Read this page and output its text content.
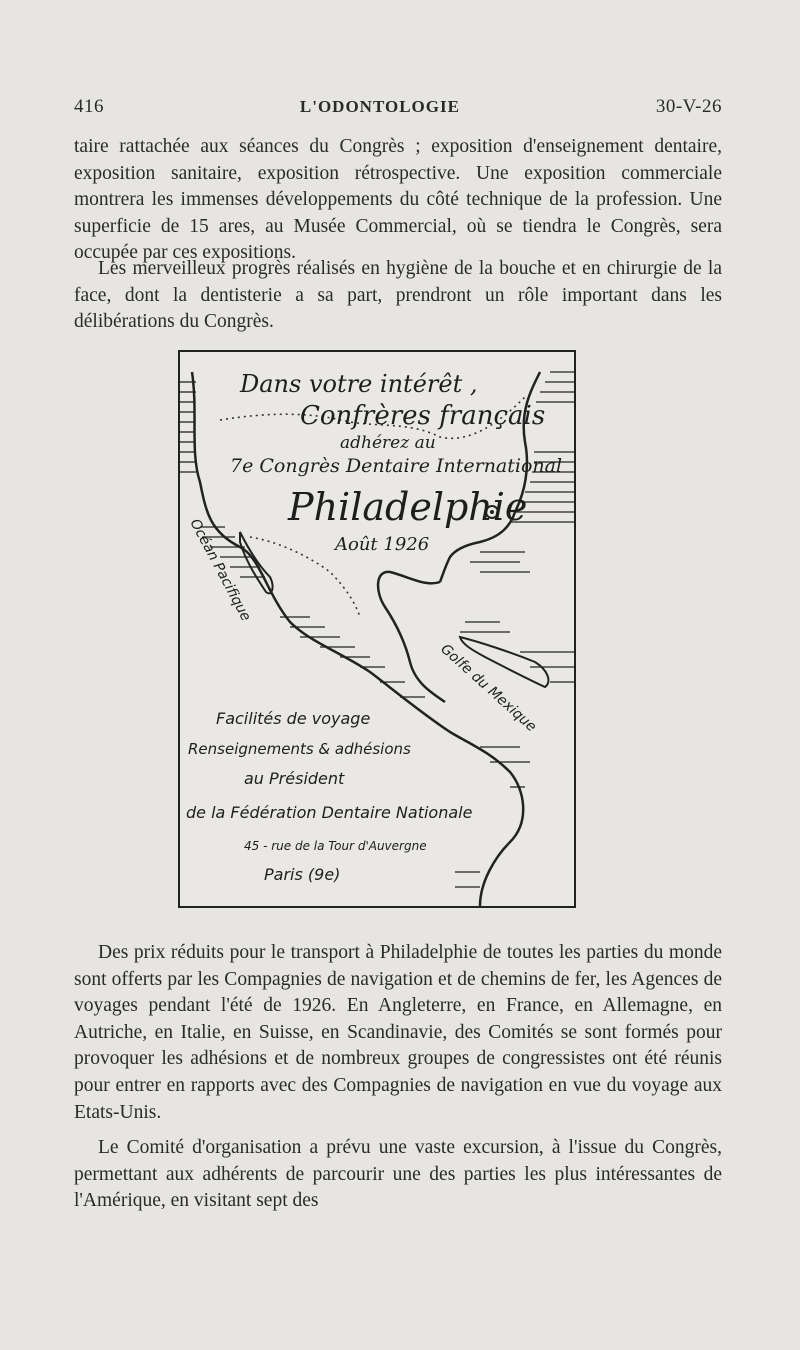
416	L'ODONTOLOGIE	30-V-26

taire rattachée aux séances du Congrès ; exposition d'enseignement dentaire, exposition sanitaire, exposition rétrospective. Une exposition commerciale montrera les immenses développements du côté technique de la profession. Une superficie de 15 ares, au Musée Commercial, où se tiendra le Congrès, sera occupée par ces expositions.

Les merveilleux progrès réalisés en hygiène de la bouche et en chirurgie de la face, dont la dentisterie a sa part, prendront un rôle important dans les délibérations du Congrès.

Dans votre intérêt ,
Confrères français
adhérez au
7e Congrès Dentaire International
Philadelphie
Août 1926
Océan Pacifique
Golfe du Mexique
Facilités de voyage
Renseignements & adhésions
au Président
de la Fédération Dentaire Nationale
45 - rue de la Tour d'Auvergne
Paris (9e)

Des prix réduits pour le transport à Philadelphie de toutes les parties du monde sont offerts par les Compagnies de navigation et de chemins de fer, les Agences de voyages pendant l'été de 1926. En Angleterre, en France, en Allemagne, en Autriche, en Italie, en Suisse, en Scandinavie, des Comités se sont formés pour provoquer les adhésions et de nombreux groupes de congressistes ont été réunis pour entrer en rapports avec des Compagnies de navigation en vue du voyage aux Etats-Unis.

Le Comité d'organisation a prévu une vaste excursion, à l'issue du Congrès, permettant aux adhérents de parcourir une des parties les plus intéressantes de l'Amérique, en visitant sept des
